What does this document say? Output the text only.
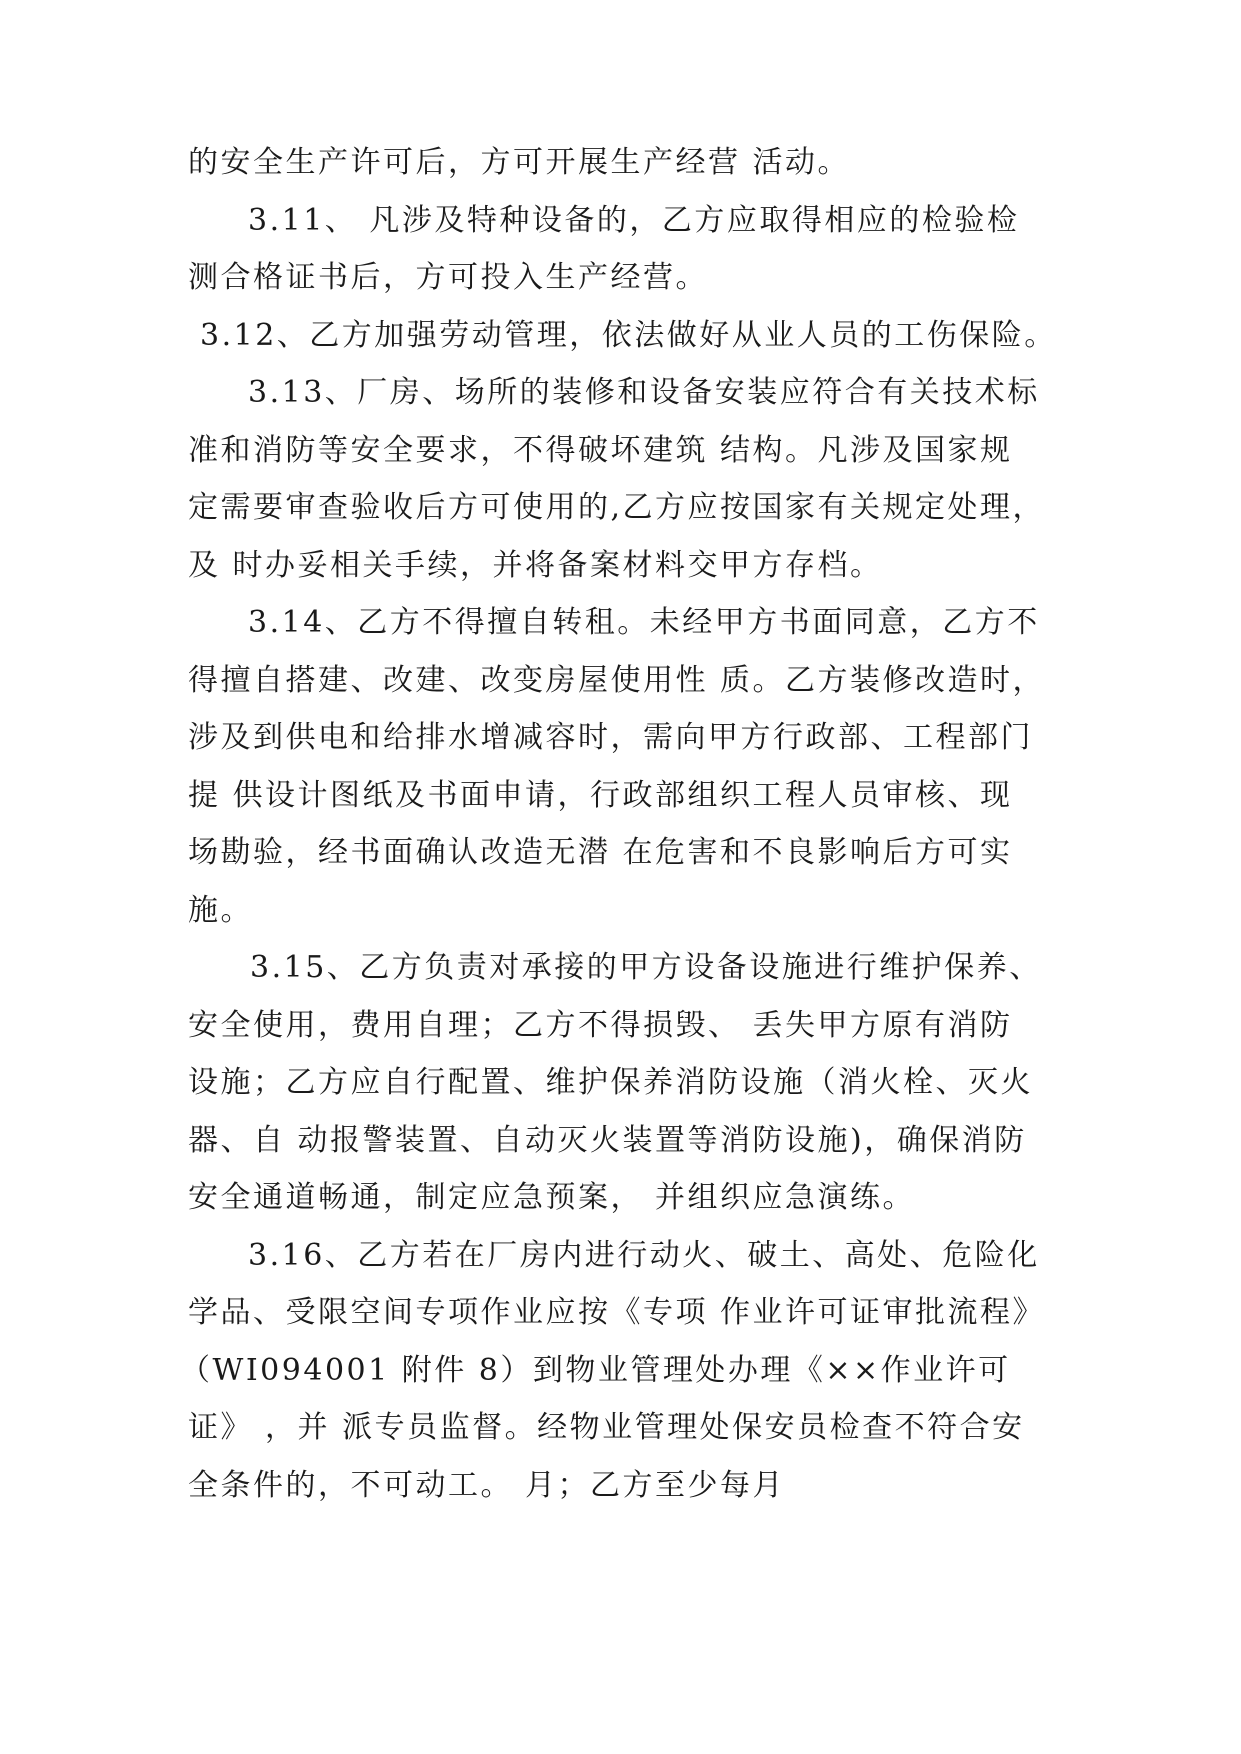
的安全生产许可后，方可开展生产经营 活动。
3.11、 凡涉及特种设备的，乙方应取得相应的检验检
测合格证书后，方可投入生产经营。
3.12、乙方加强劳动管理，依法做好从业人员的工伤保险。
3.13、厂房、场所的装修和设备安装应符合有关技术标
准和消防等安全要求，不得破坏建筑 结构。凡涉及国家规
定需要审查验收后方可使用的,乙方应按国家有关规定处理，
及 时办妥相关手续，并将备案材料交甲方存档。
3.14、乙方不得擅自转租。未经甲方书面同意，乙方不
得擅自搭建、改建、改变房屋使用性 质。乙方装修改造时，
涉及到供电和给排水增减容时，需向甲方行政部、工程部门
提 供设计图纸及书面申请，行政部组织工程人员审核、现
场勘验，经书面确认改造无潜 在危害和不良影响后方可实
施。
3.15、乙方负责对承接的甲方设备设施进行维护保养、
安全使用，费用自理；乙方不得损毁、 丢失甲方原有消防
设施；乙方应自行配置、维护保养消防设施（消火栓、灭火
器、自 动报警装置、自动灭火装置等消防设施)，确保消防
安全通道畅通，制定应急预案， 并组织应急演练。
3.16、乙方若在厂房内进行动火、破土、高处、危险化
学品、受限空间专项作业应按《专项 作业许可证审批流程》
（WI094001 附件 8）到物业管理处办理《××作业许可
证》 ，并 派专员监督。经物业管理处保安员检查不符合安
全条件的，不可动工。 月；乙方至少每月
